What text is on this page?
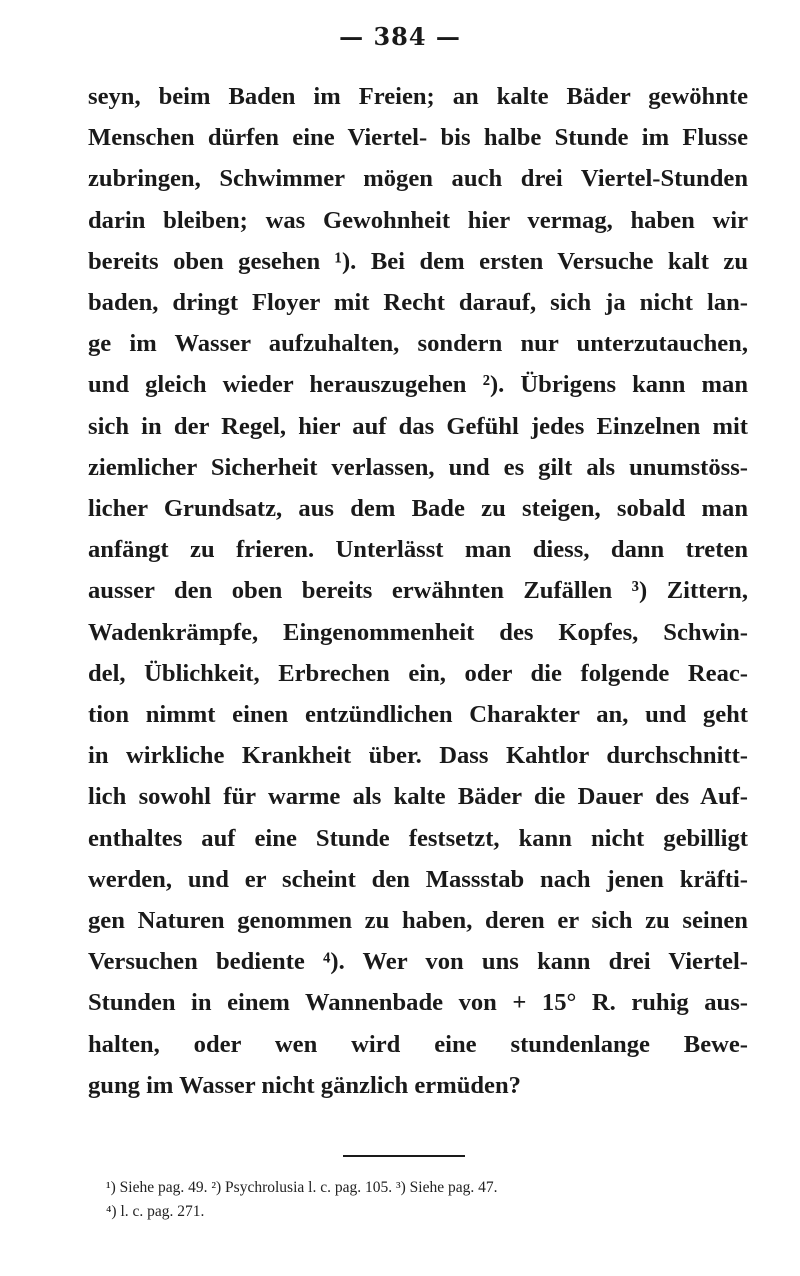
— 384 —
seyn, beim Baden im Freien; an kalte Bäder gewöhnte
Menschen dürfen eine Viertel- bis halbe Stunde im Flusse
zubringen, Schwimmer mögen auch drei Viertel-Stunden
darin bleiben; was Gewohnheit hier vermag, haben wir
bereits oben gesehen ¹). Bei dem ersten Versuche kalt zu
baden, dringt Floyer mit Recht darauf, sich ja nicht lan-
ge im Wasser aufzuhalten, sondern nur unterzutauchen,
und gleich wieder herauszugehen ²). Übrigens kann man
sich in der Regel, hier auf das Gefühl jedes Einzelnen mit
ziemlicher Sicherheit verlassen, und es gilt als unumstöss-
licher Grundsatz, aus dem Bade zu steigen, sobald man
anfängt zu frieren. Unterlässt man diess, dann treten
ausser den oben bereits erwähnten Zufällen ³) Zittern,
Wadenkrämpfe, Eingenommenheit des Kopfes, Schwin-
del, Üblichkeit, Erbrechen ein, oder die folgende Reac-
tion nimmt einen entzündlichen Charakter an, und geht
in wirkliche Krankheit über. Dass Kahtlor durchschnitt-
lich sowohl für warme als kalte Bäder die Dauer des Auf-
enthaltes auf eine Stunde festsetzt, kann nicht gebilligt
werden, und er scheint den Massstab nach jenen kräfti-
gen Naturen genommen zu haben, deren er sich zu seinen
Versuchen bediente ⁴). Wer von uns kann drei Viertel-
Stunden in einem Wannenbade von + 15° R. ruhig aus-
halten, oder wen wird eine stundenlange Bewe-
gung im Wasser nicht gänzlich ermüden?
¹) Siehe pag. 49. ²) Psychrolusia l. c. pag. 105. ³) Siehe pag. 47.
⁴) l. c. pag. 271.
